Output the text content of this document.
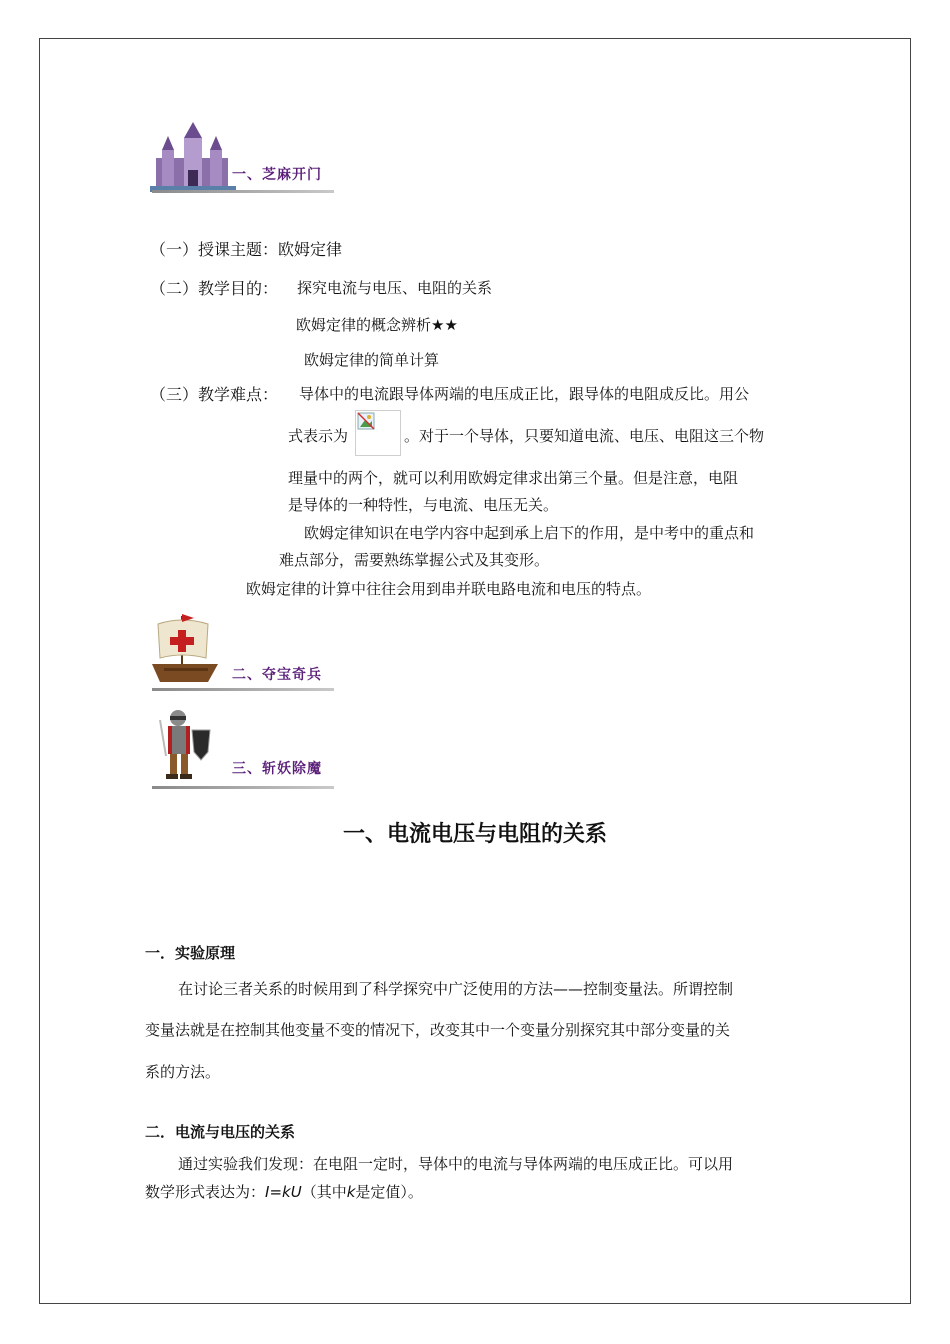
一、芝麻开门
（一）授课主题：欧姆定律
（二）教学目的： 探究电流与电压、电阻的关系
欧姆定律的概念辨析★★
欧姆定律的简单计算
（三）教学难点： 导体中的电流跟导体两端的电压成正比，跟导体的电阻成反比。用公
式表示为	。对于一个导体，只要知道电流、电压、电阻这三个物
理量中的两个，就可以利用欧姆定律求出第三个量。但是注意，电阻
是导体的一种特性，与电流、电压无关。
欧姆定律知识在电学内容中起到承上启下的作用，是中考中的重点和
难点部分，需要熟练掌握公式及其变形。
欧姆定律的计算中往往会用到串并联电路电流和电压的特点。
二、夺宝奇兵
三、斩妖除魔
一、电流电压与电阻的关系
一．实验原理
在讨论三者关系的时候用到了科学探究中广泛使用的方法——控制变量法。所谓控制
变量法就是在控制其他变量不变的情况下，改变其中一个变量分别探究其中部分变量的关
系的方法。
二．电流与电压的关系
通过实验我们发现：在电阻一定时，导体中的电流与导体两端的电压成正比。可以用
数学形式表达为：I=kU（其中k是定值）。
